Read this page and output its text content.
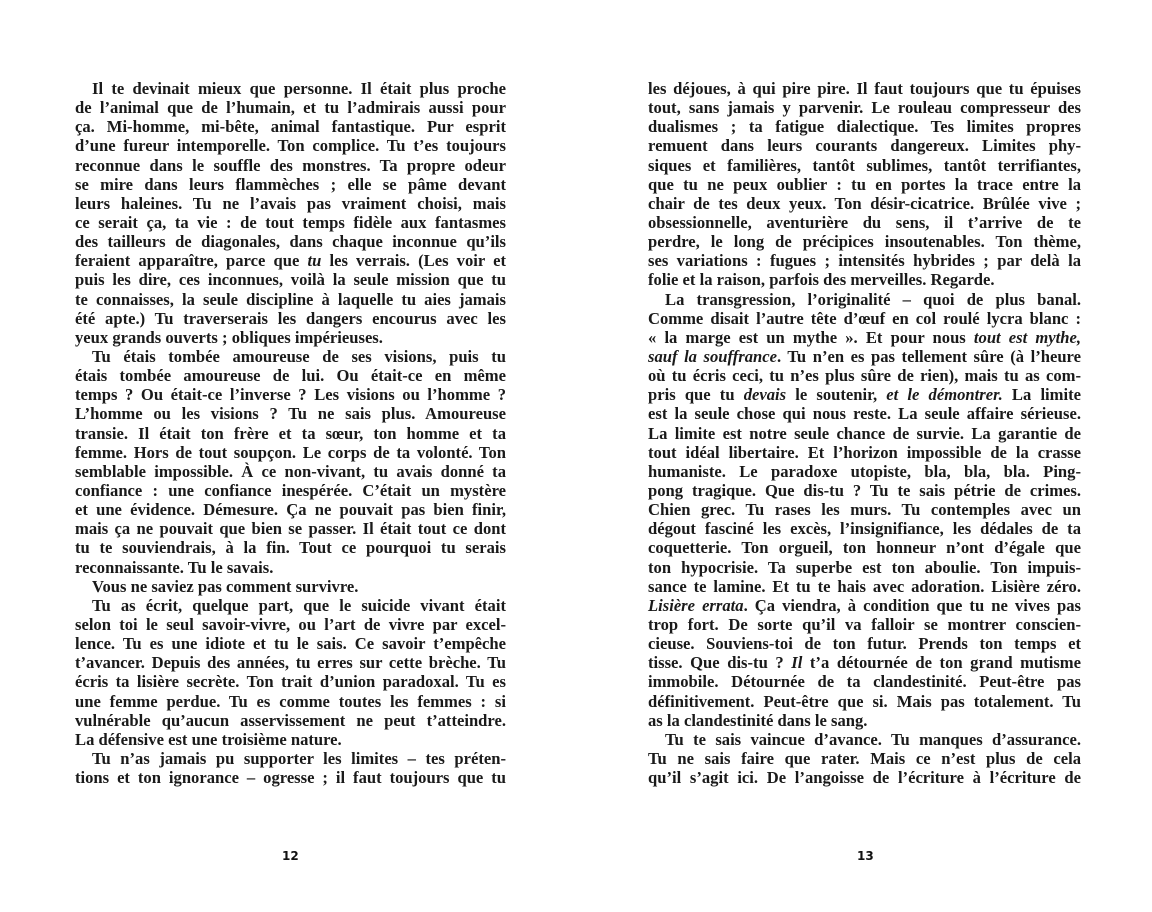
Il te devinait mieux que personne. Il était plus proche
de l’animal que de l’humain, et tu l’admirais aussi pour
ça. Mi-homme, mi-bête, animal fantastique. Pur esprit
d’une fureur intemporelle. Ton complice. Tu t’es toujours
reconnue dans le souffle des monstres. Ta propre odeur
se mire dans leurs flammèches ; elle se pâme devant
leurs haleines. Tu ne l’avais pas vraiment choisi, mais
ce serait ça, ta vie : de tout temps fidèle aux fantasmes
des tailleurs de diagonales, dans chaque inconnue qu’ils
feraient apparaître, parce que tu les verrais. (Les voir et
puis les dire, ces inconnues, voilà la seule mission que tu
te connaisses, la seule discipline à laquelle tu aies jamais
été apte.) Tu traverserais les dangers encourus avec les
yeux grands ouverts ; obliques impérieuses.
Tu étais tombée amoureuse de ses visions, puis tu
étais tombée amoureuse de lui. Ou était-ce en même
temps ? Ou était-ce l’inverse ? Les visions ou l’homme ?
L’homme ou les visions ? Tu ne sais plus. Amoureuse
transie. Il était ton frère et ta sœur, ton homme et ta
femme. Hors de tout soupçon. Le corps de ta volonté. Ton
semblable impossible. À ce non-vivant, tu avais donné ta
confiance : une confiance inespérée. C’était un mystère
et une évidence. Démesure. Ça ne pouvait pas bien finir,
mais ça ne pouvait que bien se passer. Il était tout ce dont
tu te souviendrais, à la fin. Tout ce pourquoi tu serais
reconnaissante. Tu le savais.
Vous ne saviez pas comment survivre.
Tu as écrit, quelque part, que le suicide vivant était
selon toi le seul savoir-vivre, ou l’art de vivre par excel-
lence. Tu es une idiote et tu le sais. Ce savoir t’empêche
t’avancer. Depuis des années, tu erres sur cette brèche. Tu
écris ta lisière secrète. Ton trait d’union paradoxal. Tu es
une femme perdue. Tu es comme toutes les femmes : si
vulnérable qu’aucun asservissement ne peut t’atteindre.
La défensive est une troisième nature.
Tu n’as jamais pu supporter les limites – tes préten-
tions et ton ignorance – ogresse ; il faut toujours que tu
les déjoues, à qui pire pire. Il faut toujours que tu épuises
tout, sans jamais y parvenir. Le rouleau compresseur des
dualismes ; ta fatigue dialectique. Tes limites propres
remuent dans leurs courants dangereux. Limites phy-
siques et familières, tantôt sublimes, tantôt terrifiantes,
que tu ne peux oublier : tu en portes la trace entre la
chair de tes deux yeux. Ton désir-cicatrice. Brûlée vive ;
obsessionnelle, aventurière du sens, il t’arrive de te
perdre, le long de précipices insoutenables. Ton thème,
ses variations : fugues ; intensités hybrides ; par delà la
folie et la raison, parfois des merveilles. Regarde.
La transgression, l’originalité – quoi de plus banal.
Comme disait l’autre tête d’œuf en col roulé lycra blanc :
« la marge est un mythe ». Et pour nous tout est mythe,
sauf la souffrance. Tu n’en es pas tellement sûre (à l’heure
où tu écris ceci, tu n’es plus sûre de rien), mais tu as com-
pris que tu devais le soutenir, et le démontrer. La limite
est la seule chose qui nous reste. La seule affaire sérieuse.
La limite est notre seule chance de survie. La garantie de
tout idéal libertaire. Et l’horizon impossible de la crasse
humaniste. Le paradoxe utopiste, bla, bla, bla. Ping-
pong tragique. Que dis-tu ? Tu te sais pétrie de crimes.
Chien grec. Tu rases les murs. Tu contemples avec un
dégout fasciné les excès, l’insignifiance, les dédales de ta
coquetterie. Ton orgueil, ton honneur n’ont d’égale que
ton hypocrisie. Ta superbe est ton aboulie. Ton impuis-
sance te lamine. Et tu te hais avec adoration. Lisière zéro.
Lisière errata. Ça viendra, à condition que tu ne vives pas
trop fort. De sorte qu’il va falloir se montrer conscien-
cieuse. Souviens-toi de ton futur. Prends ton temps et
tisse. Que dis-tu ? Il t’a détournée de ton grand mutisme
immobile. Détournée de ta clandestinité. Peut-être pas
définitivement. Peut-être que si. Mais pas totalement. Tu
as la clandestinité dans le sang.
Tu te sais vaincue d’avance. Tu manques d’assurance.
Tu ne sais faire que rater. Mais ce n’est plus de cela
qu’il s’agit ici. De l’angoisse de l’écriture à l’écriture de
12	13
